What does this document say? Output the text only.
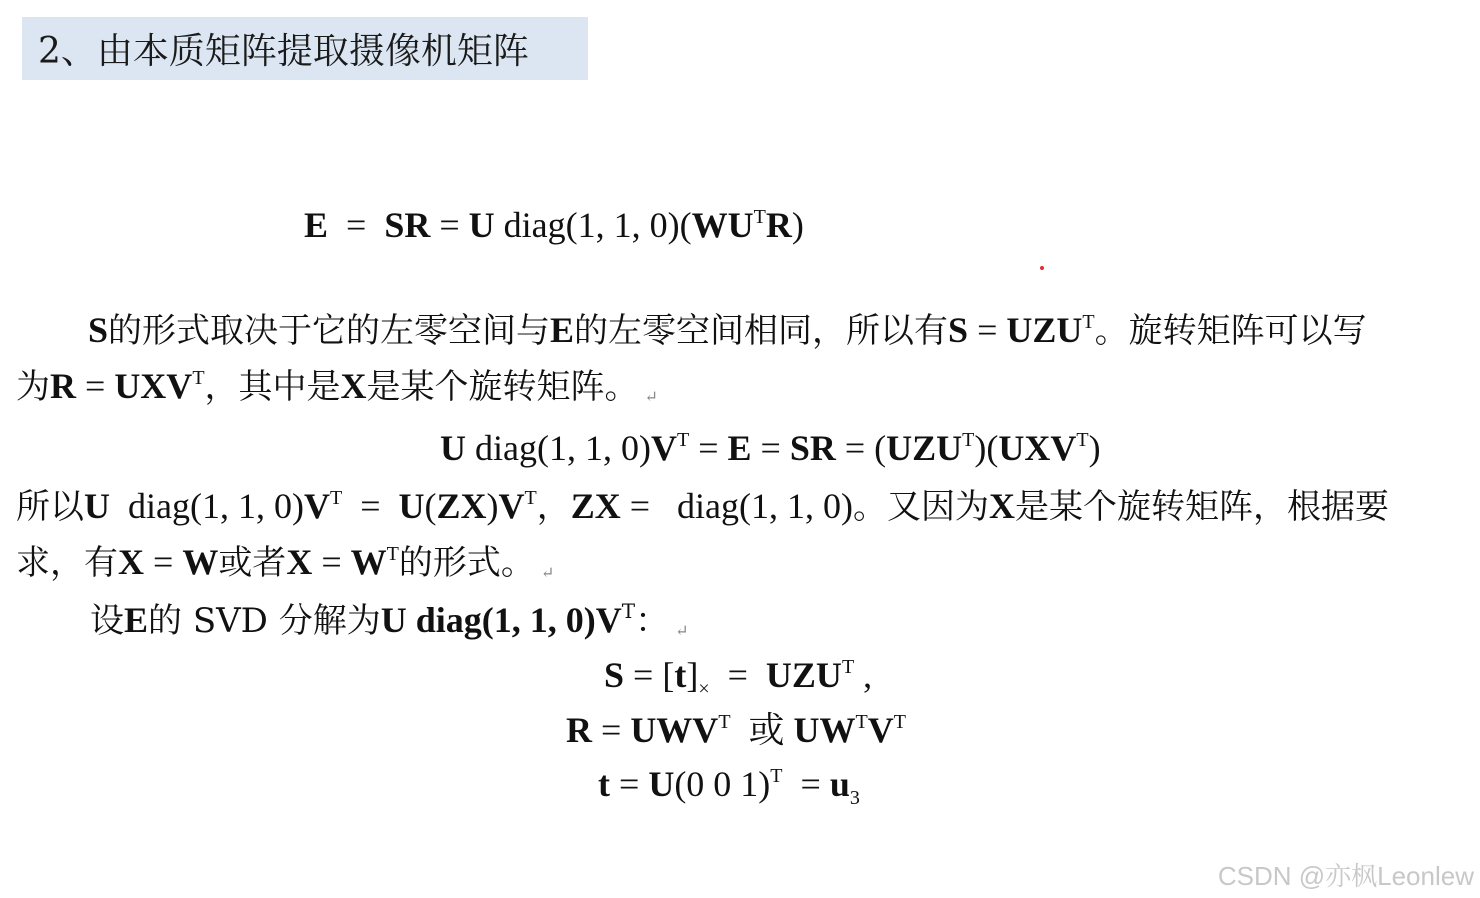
2、由本质矩阵提取摄像机矩阵
E  =  SR = U diag(1, 1, $0)(WU^TR)$
S的形式取决于它的左零空间与E的左零空间相同，所以有$S = UZU^T$。旋转矩阵可以写
为$R = UXV^T$，其中是X是某个旋转矩阵。 ↵
U diag(1, 1, $0)V^T = E$ = SR = $(UZU^T)(UXV^T)$
所以U  diag(1, 1, $0)V^T = U(ZX)V^T$，ZX =   diag(1, 1, 0)。又因为X是某个旋转矩阵，根据要
求，有X = W或者$X = W^T$的形式。 ↵
设E的 SVD 分解为U diag(1, 1, $0)V^T$： ↵
$S = [t]_\times = UZU^T$ ,
$R = UWV^T$ 或 $UW^TV^T$
t = U(0 0 $1)^T = u_3$
CSDN @亦枫Leonlew
